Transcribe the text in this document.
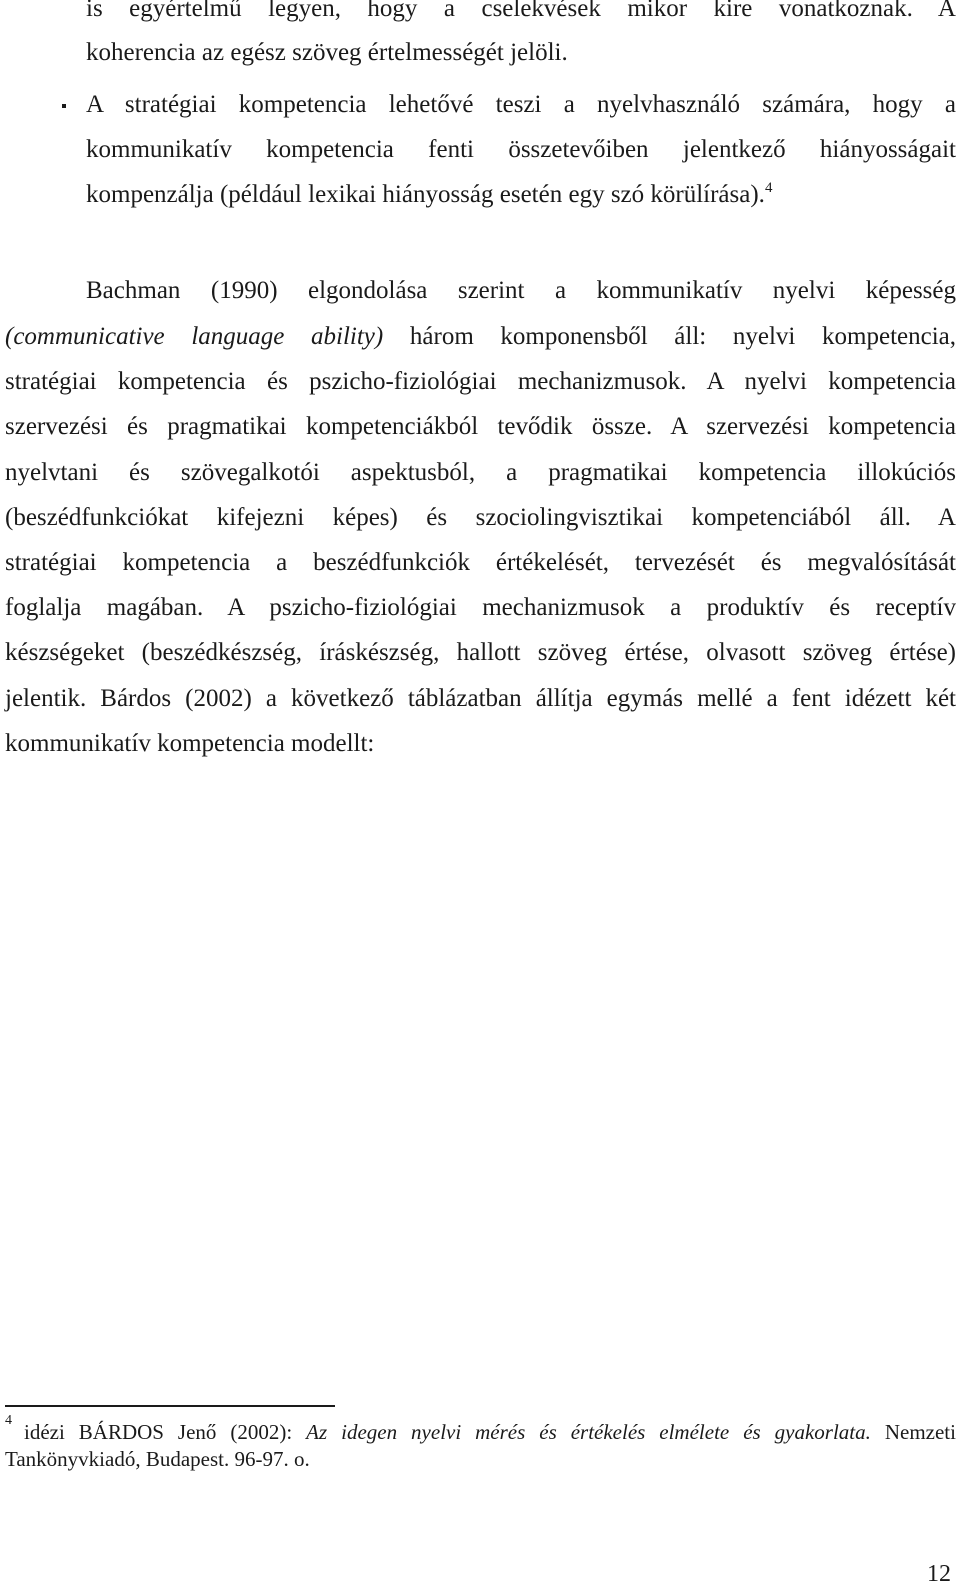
is egyértelmű legyen, hogy a cselekvések mikor kire vonatkoznak. A
koherencia az egész szöveg értelmességét jelöli.
A stratégiai kompetencia lehetővé teszi a nyelvhasználó számára, hogy a
kommunikatív kompetencia fenti összetevőiben jelentkező hiányosságait
kompenzálja (például lexikai hiányosság esetén egy szó körülírása).$^4$
Bachman (1990) elgondolása szerint a kommunikatív nyelvi képesség
(communicative language ability) három komponensből áll: nyelvi kompetencia,
stratégiai kompetencia és pszicho-fiziológiai mechanizmusok. A nyelvi kompetencia
szervezési és pragmatikai kompetenciákból tevődik össze. A szervezési kompetencia
nyelvtani és szövegalkotói aspektusból, a pragmatikai kompetencia illokúciós
(beszédfunkciókat kifejezni képes) és szociolingvisztikai kompetenciából áll. A
stratégiai kompetencia a beszédfunkciók értékelését, tervezését és megvalósítását
foglalja magában. A pszicho-fiziológiai mechanizmusok a produktív és receptív
készségeket (beszédkészség, íráskészség, hallott szöveg értése, olvasott szöveg értése)
jelentik. Bárdos (2002) a következő táblázatban állítja egymás mellé a fent idézett két
kommunikatív kompetencia modellt:
4 idézi BÁRDOS Jenő (2002): Az idegen nyelvi mérés és értékelés elmélete és gyakorlata. Nemzeti
Tankönyvkiadó, Budapest. 96-97. o.
12
